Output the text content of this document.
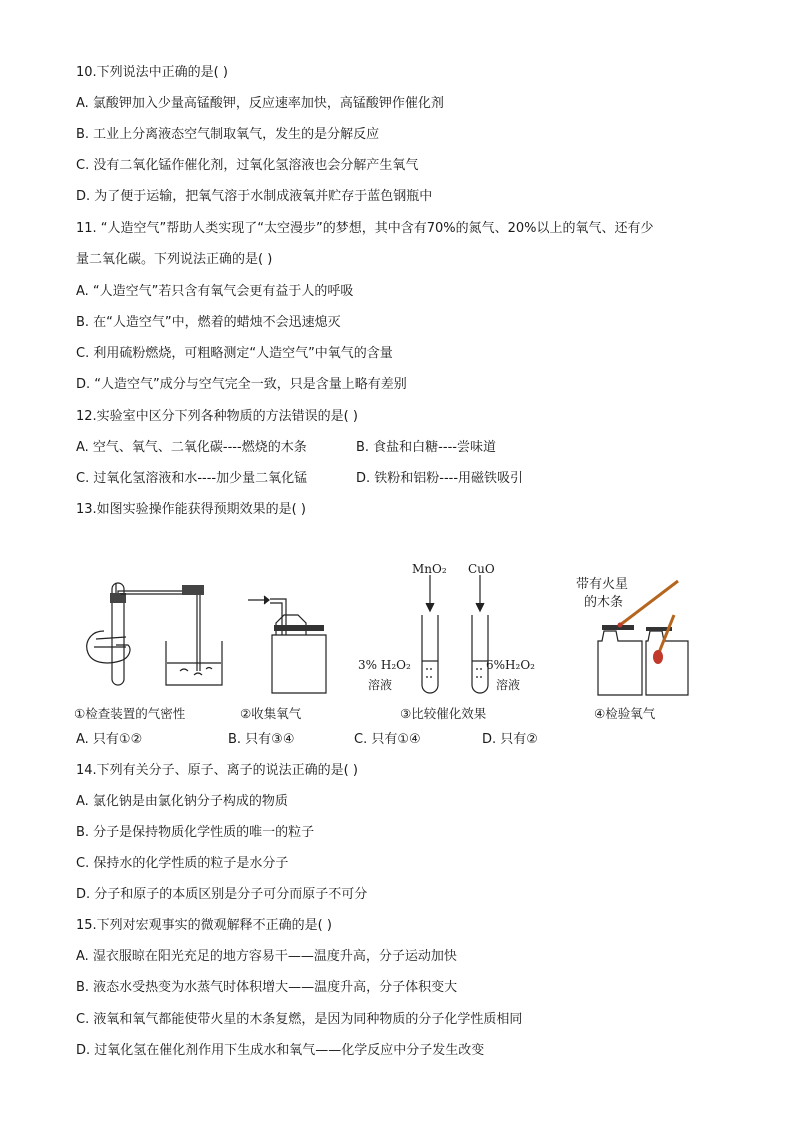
10.下列说法中正确的是( )
A. 氯酸钾加入少量高锰酸钾，反应速率加快，高锰酸钾作催化剂
B. 工业上分离液态空气制取氧气，发生的是分解反应
C. 没有二氧化锰作催化剂，过氧化氢溶液也会分解产生氧气
D. 为了便于运输，把氧气溶于水制成液氧并贮存于蓝色钢瓶中
11. “人造空气”帮助人类实现了“太空漫步”的梦想，其中含有70%的氮气、20%以上的氧气、还有少
量二氧化碳。下列说法正确的是( )
A. “人造空气”若只含有氧气会更有益于人的呼吸
B. 在“人造空气”中，燃着的蜡烛不会迅速熄灭
C. 利用硫粉燃烧，可粗略测定“人造空气”中氧气的含量
D. “人造空气”成分与空气完全一致，只是含量上略有差别
12.实验室中区分下列各种物质的方法错误的是( )
A. 空气、氧气、二氧化碳----燃烧的木条	B. 食盐和白糖----尝味道
C. 过氧化氢溶液和水----加少量二氧化锰	D. 铁粉和铝粉----用磁铁吸引
13.如图实验操作能获得预期效果的是( )
MnO₂ CuO
3% H₂O₂
溶液
6%H₂O₂
溶液
带有火星
的木条
①检查装置的气密性	②收集氧气	③比较催化效果	④检验氧气
A. 只有①②	B. 只有③④	C. 只有①④	D. 只有②
14.下列有关分子、原子、离子的说法正确的是( )
A. 氯化钠是由氯化钠分子构成的物质
B. 分子是保持物质化学性质的唯一的粒子
C. 保持水的化学性质的粒子是水分子
D. 分子和原子的本质区别是分子可分而原子不可分
15.下列对宏观事实的微观解释不正确的是( )
A. 湿衣服晾在阳光充足的地方容易干——温度升高，分子运动加快
B. 液态水受热变为水蒸气时体积增大——温度升高，分子体积变大
C. 液氧和氧气都能使带火星的木条复燃，是因为同种物质的分子化学性质相同
D. 过氧化氢在催化剂作用下生成水和氧气——化学反应中分子发生改变
